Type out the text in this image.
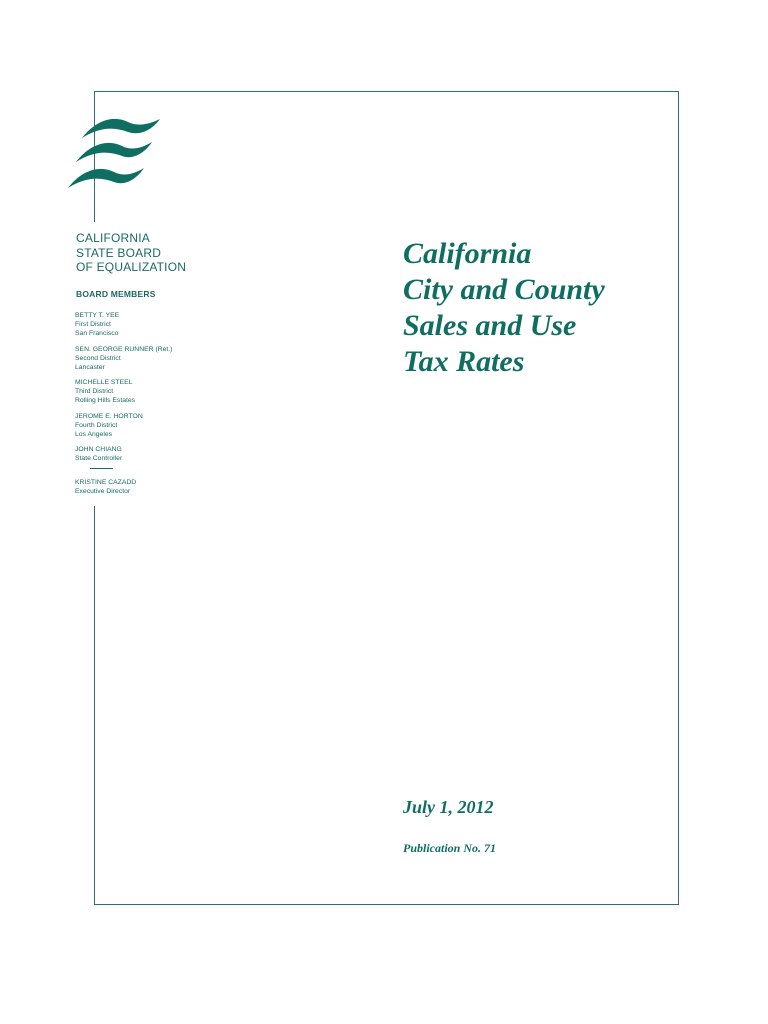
CALIFORNIA
STATE BOARD
OF EQUALIZATION
BOARD MEMBERS
BETTY T. YEE
First District
San Francisco
SEN. GEORGE RUNNER (Ret.)
Second District
Lancaster
MICHELLE STEEL
Third District
Rolling Hills Estates
JEROME E. HORTON
Fourth District
Los Angeles
JOHN CHIANG
State Controller
KRISTINE CAZADD
Executive Director
California
City and County
Sales and Use
Tax Rates
July 1, 2012
Publication No. 71
